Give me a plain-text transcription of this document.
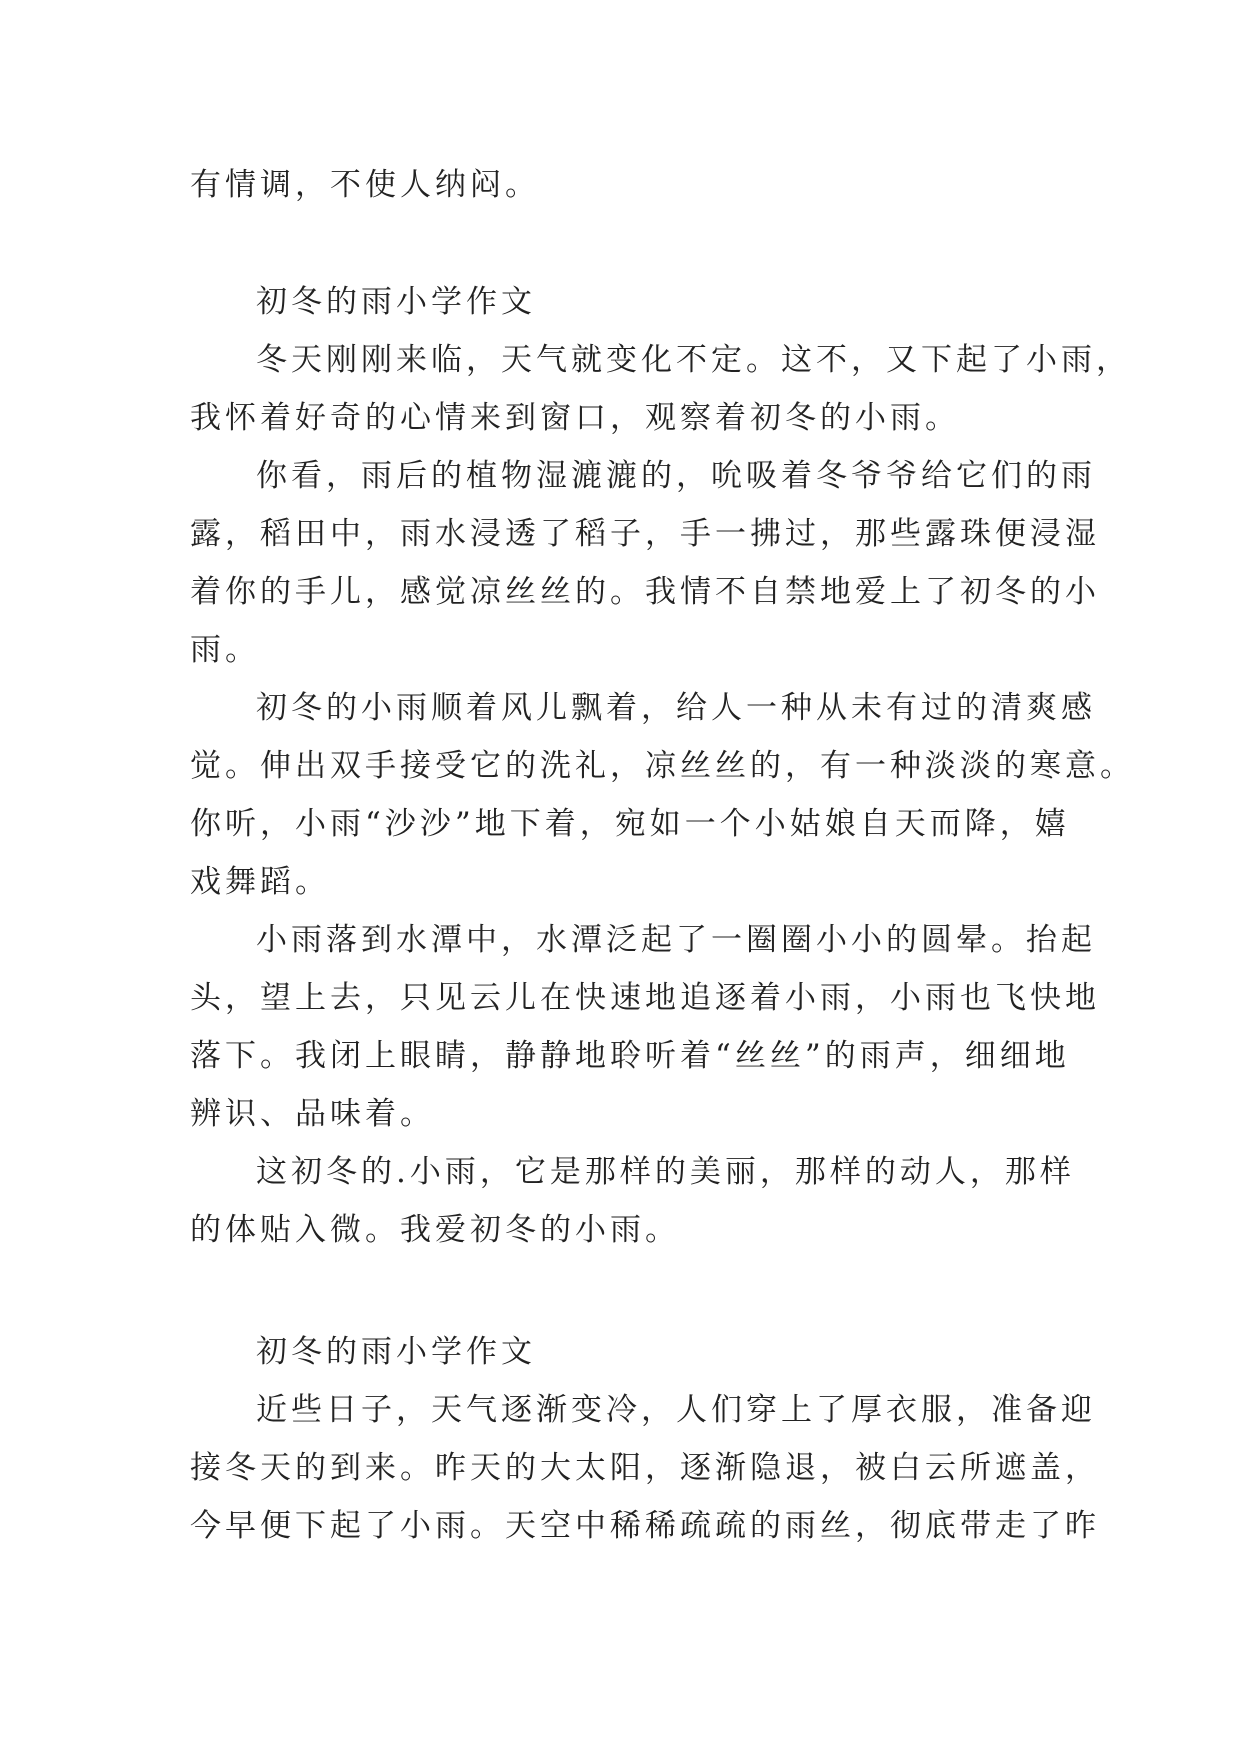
有情调，不使人纳闷。
初冬的雨小学作文
冬天刚刚来临，天气就变化不定。这不，又下起了小雨，
我怀着好奇的心情来到窗口，观察着初冬的小雨。
你看，雨后的植物湿漉漉的，吮吸着冬爷爷给它们的雨
露，稻田中，雨水浸透了稻子，手一拂过，那些露珠便浸湿
着你的手儿，感觉凉丝丝的。我情不自禁地爱上了初冬的小
雨。
初冬的小雨顺着风儿飘着，给人一种从未有过的清爽感
觉。伸出双手接受它的洗礼，凉丝丝的，有一种淡淡的寒意。
你听，小雨“沙沙”地下着，宛如一个小姑娘自天而降，嬉
戏舞蹈。
小雨落到水潭中，水潭泛起了一圈圈小小的圆晕。抬起
头，望上去，只见云儿在快速地追逐着小雨，小雨也飞快地
落下。我闭上眼睛，静静地聆听着“丝丝”的雨声，细细地
辨识、品味着。
这初冬的.小雨，它是那样的美丽，那样的动人，那样
的体贴入微。我爱初冬的小雨。
初冬的雨小学作文
近些日子，天气逐渐变冷，人们穿上了厚衣服，准备迎
接冬天的到来。昨天的大太阳，逐渐隐退，被白云所遮盖，
今早便下起了小雨。天空中稀稀疏疏的雨丝，彻底带走了昨
